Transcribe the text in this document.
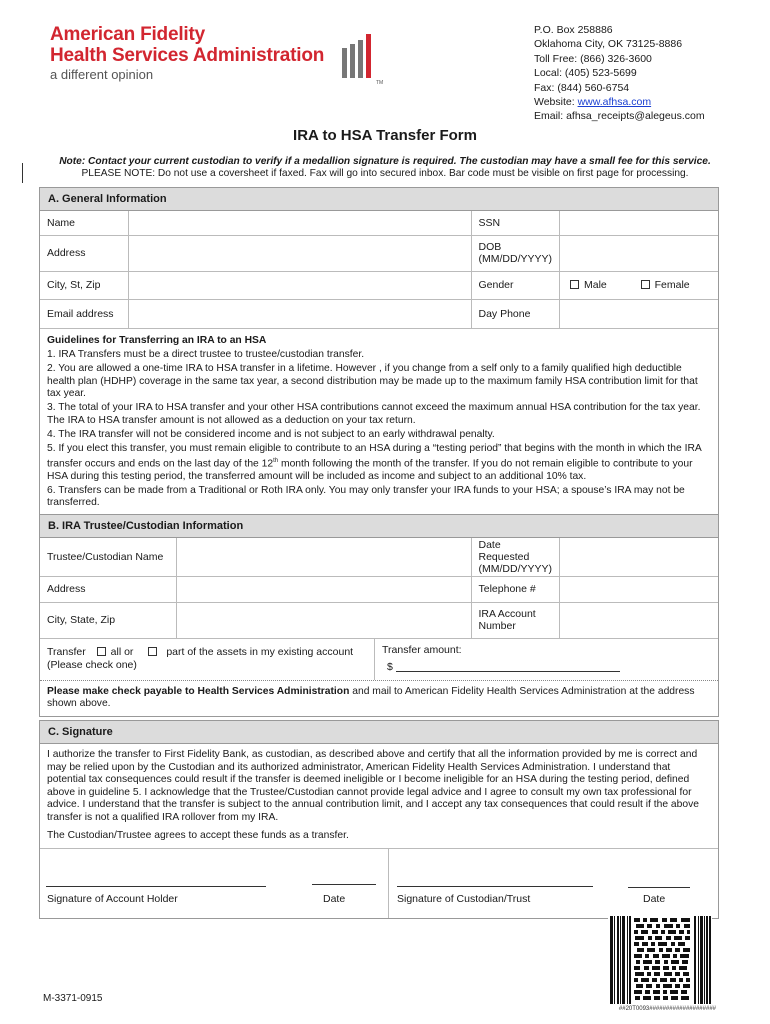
American Fidelity
Health Services Administration
a different opinion
TM
P.O. Box 258886
Oklahoma City, OK 73125-8886
Toll Free: (866) 326-3600
Local: (405) 523-5699
Fax: (844) 560-6754
Website: www.afhsa.com
Email: afhsa_receipts@alegeus.com
IRA to HSA Transfer Form
Note: Contact your current custodian to verify if a medallion signature is required. The custodian may have a small fee for this service.
PLEASE NOTE: Do not use a coversheet if faxed. Fax will go into secured inbox. Bar code must be visible on first page for processing.
A. General Information
Name		SSN	
Address		DOB
(MM/DD/YYYY)	

City, St, Zip		Gender	Male Female
Email address		Day Phone	
Guidelines for Transferring an IRA to an HSA

1. IRA Transfers must be a direct trustee to trustee/custodian transfer.

2. You are allowed a one-time IRA to HSA transfer in a lifetime. However , if you change from a self only to a family qualified high deductible health plan (HDHP) coverage in the same tax year, a second distribution may be made up to the maximum family HSA contribution limit for that tax year.

3. The total of your IRA to HSA transfer and your other HSA contributions cannot exceed the maximum annual HSA contribution for the tax year. The IRA to HSA transfer amount is not allowed as a deduction on your tax return.

4. The IRA transfer will not be considered income and is not subject to an early withdrawal penalty.

5. If you elect this transfer, you must remain eligible to contribute to an HSA during a “testing period” that begins with the month in which the IRA transfer occurs and ends on the last day of the 12th month following the month of the transfer. If you do not remain eligible to contribute to your HSA during this testing period, the transferred amount will be included as income and subject to an additional 10% tax.

6. Transfers can be made from a Traditional or Roth IRA only. You may only transfer your IRA funds to your HSA; a spouse’s IRA may not be transferred.

B. IRA Trustee/Custodian Information
Trustee/Custodian Name		Date Requested
(MM/DD/YYYY)	

Address		Telephone #	
City, State, Zip		IRA Account
Number	

Transfer all or	part of the assets in my existing account
(Please check one)
Transfer amount:
$
Please make check payable to Health Services Administration and mail to American Fidelity Health Services Administration at the address shown above.
C. Signature

I authorize the transfer to First Fidelity Bank, as custodian, as described above and certify that all the information provided by me is correct and may be relied upon by the Custodian and its authorized administrator, American Fidelity Health Services Administration. I understand that potential tax consequences could result if the transfer is deemed ineligible or I become ineligible for an HSA during the testing period, defined above in guideline 5. I acknowledge that the Trustee/Custodian cannot provide legal advice and I agree to consult my own tax professional for advice. I understand that the transfer is subject to the annual contribution limit, and I accept any tax consequences that could result if the above transfer is not a qualified IRA rollover from my IRA.

The Custodian/Trustee agrees to accept these funds as a transfer.

Signature of Account Holder	Date	Signature of Custodian/Trust	Date
M-3371-0915
##20T0093####################
